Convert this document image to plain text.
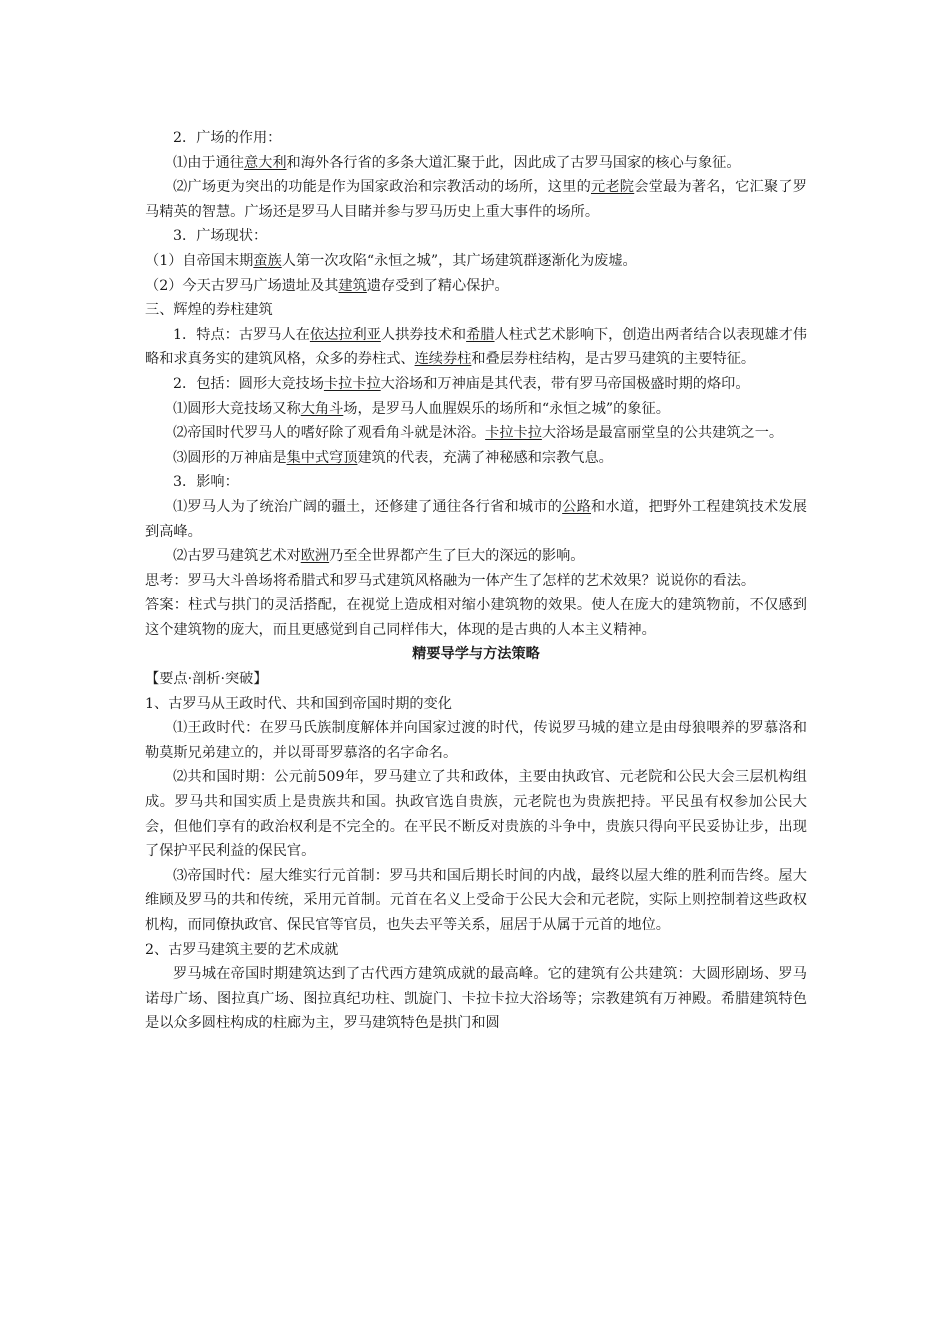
2．广场的作用：

⑴由于通往意大利和海外各行省的多条大道汇聚于此，因此成了古罗马国家的核心与象征。

⑵广场更为突出的功能是作为国家政治和宗教活动的场所，这里的元老院会堂最为著名，它汇聚了罗马精英的智慧。广场还是罗马人目睹并参与罗马历史上重大事件的场所。

3．广场现状：

（1）自帝国末期蛮族人第一次攻陷“永恒之城”，其广场建筑群逐渐化为废墟。

（2）今天古罗马广场遗址及其建筑遗存受到了精心保护。

三、辉煌的券柱建筑

1．特点：古罗马人在依达拉利亚人拱券技术和希腊人柱式艺术影响下，创造出两者结合以表现雄才伟略和求真务实的建筑风格，众多的券柱式、连续券柱和叠层券柱结构，是古罗马建筑的主要特征。

2．包括：圆形大竞技场卡拉卡拉大浴场和万神庙是其代表，带有罗马帝国极盛时期的烙印。

⑴圆形大竞技场又称大角斗场，是罗马人血腥娱乐的场所和“永恒之城”的象征。

⑵帝国时代罗马人的嗜好除了观看角斗就是沐浴。卡拉卡拉大浴场是最富丽堂皇的公共建筑之一。

⑶圆形的万神庙是集中式穹顶建筑的代表，充满了神秘感和宗教气息。

3．影响：

⑴罗马人为了统治广阔的疆土，还修建了通往各行省和城市的公路和水道，把野外工程建筑技术发展到高峰。

⑵古罗马建筑艺术对欧洲乃至全世界都产生了巨大的深远的影响。

思考：罗马大斗兽场将希腊式和罗马式建筑风格融为一体产生了怎样的艺术效果？说说你的看法。

答案：柱式与拱门的灵活搭配，在视觉上造成相对缩小建筑物的效果。使人在庞大的建筑物前，不仅感到这个建筑物的庞大，而且更感觉到自己同样伟大，体现的是古典的人本主义精神。

精要导学与方法策略

【要点·剖析·突破】

1、古罗马从王政时代、共和国到帝国时期的变化

⑴王政时代：在罗马氏族制度解体并向国家过渡的时代，传说罗马城的建立是由母狼喂养的罗慕洛和勒莫斯兄弟建立的，并以哥哥罗慕洛的名字命名。

⑵共和国时期：公元前509年，罗马建立了共和政体，主要由执政官、元老院和公民大会三层机构组成。罗马共和国实质上是贵族共和国。执政官选自贵族，元老院也为贵族把持。平民虽有权参加公民大会，但他们享有的政治权利是不完全的。在平民不断反对贵族的斗争中，贵族只得向平民妥协让步，出现了保护平民利益的保民官。

⑶帝国时代：屋大维实行元首制：罗马共和国后期长时间的内战，最终以屋大维的胜利而告终。屋大维顾及罗马的共和传统，采用元首制。元首在名义上受命于公民大会和元老院，实际上则控制着这些政权机构，而同僚执政官、保民官等官员，也失去平等关系，屈居于从属于元首的地位。

2、古罗马建筑主要的艺术成就

罗马城在帝国时期建筑达到了古代西方建筑成就的最高峰。它的建筑有公共建筑：大圆形剧场、罗马诺母广场、图拉真广场、图拉真纪功柱、凯旋门、卡拉卡拉大浴场等；宗教建筑有万神殿。希腊建筑特色是以众多圆柱构成的柱廊为主，罗马建筑特色是拱门和圆
